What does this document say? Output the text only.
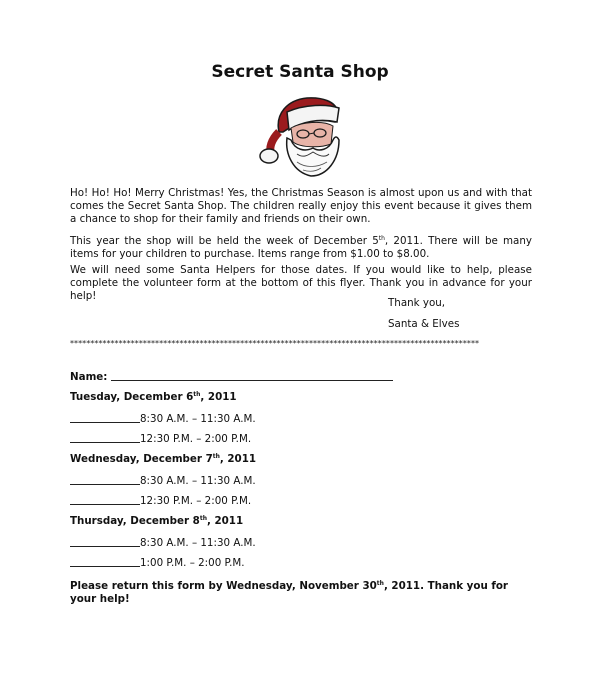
Secret Santa Shop

Ho! Ho! Ho! Merry Christmas! Yes, the Christmas Season is almost upon us and with that comes the Secret Santa Shop. The children really enjoy this event because it gives them a chance to shop for their family and friends on their own.

This year the shop will be held the week of December 5th, 2011. There will be many items for your children to purchase. Items range from $1.00 to $8.00.

We will need some Santa Helpers for those dates. If you would like to help, please complete the volunteer form at the bottom of this flyer. Thank you in advance for your help!

Thank you,

Santa & Elves

*****************************************************************************************************

Name:

Tuesday, December 6th, 2011

8:30 A.M. – 11:30 A.M.

12:30 P.M. – 2:00 P.M.

Wednesday, December 7th, 2011

8:30 A.M. – 11:30 A.M.

12:30 P.M. – 2:00 P.M.

Thursday, December 8th, 2011

8:30 A.M. – 11:30 A.M.

1:00 P.M. – 2:00 P.M.

Please return this form by Wednesday, November 30th, 2011. Thank you for your help!
